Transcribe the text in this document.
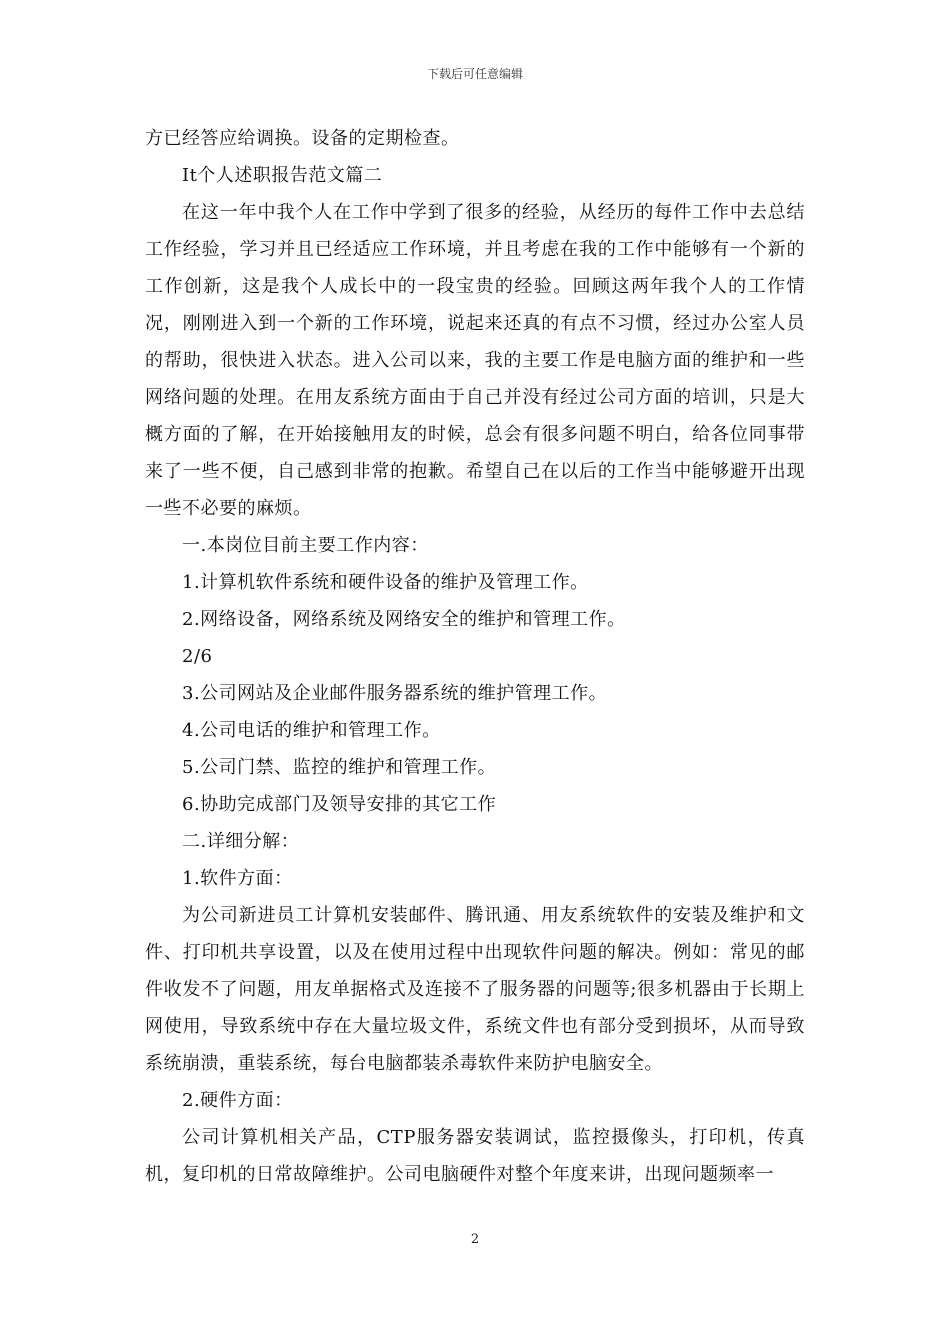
下载后可任意编辑

方已经答应给调换。设备的定期检查。

It个人述职报告范文篇二

在这一年中我个人在工作中学到了很多的经验，从经历的每件工作中去总结工作经验，学习并且已经适应工作环境，并且考虑在我的工作中能够有一个新的工作创新，这是我个人成长中的一段宝贵的经验。回顾这两年我个人的工作情况，刚刚进入到一个新的工作环境，说起来还真的有点不习惯，经过办公室人员的帮助，很快进入状态。进入公司以来，我的主要工作是电脑方面的维护和一些网络问题的处理。在用友系统方面由于自己并没有经过公司方面的培训，只是大概方面的了解，在开始接触用友的时候，总会有很多问题不明白，给各位同事带来了一些不便，自己感到非常的抱歉。希望自己在以后的工作当中能够避开出现一些不必要的麻烦。

一.本岗位目前主要工作内容：

1.计算机软件系统和硬件设备的维护及管理工作。

2.网络设备，网络系统及网络安全的维护和管理工作。

2/6

3.公司网站及企业邮件服务器系统的维护管理工作。

4.公司电话的维护和管理工作。

5.公司门禁、监控的维护和管理工作。

6.协助完成部门及领导安排的其它工作

二.详细分解：

1.软件方面：

为公司新进员工计算机安装邮件、腾讯通、用友系统软件的安装及维护和文件、打印机共享设置，以及在使用过程中出现软件问题的解决。例如：常见的邮件收发不了问题，用友单据格式及连接不了服务器的问题等;很多机器由于长期上网使用，导致系统中存在大量垃圾文件，系统文件也有部分受到损坏，从而导致系统崩溃，重装系统，每台电脑都装杀毒软件来防护电脑安全。

2.硬件方面：

公司计算机相关产品，CTP服务器安装调试，监控摄像头，打印机，传真机，复印机的日常故障维护。公司电脑硬件对整个年度来讲，出现问题频率一

2
